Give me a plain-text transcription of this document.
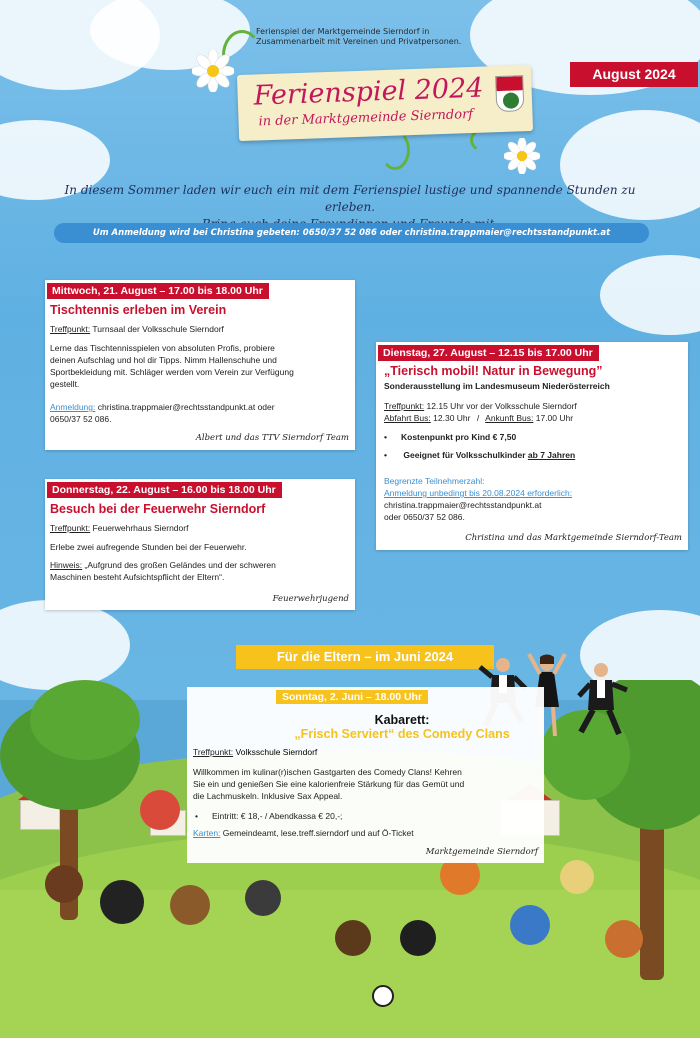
Ferienspiel der Marktgemeinde Sierndorf in
Zusammenarbeit mit Vereinen und Privatpersonen.
August 2024
Ferienspiel 2024
in der Marktgemeinde Sierndorf
In diesem Sommer laden wir euch ein mit dem Ferienspiel lustige und spannende Stunden zu erleben.
Um Anmeldung wird bei Christina gebeten: 0650/37 52 086 oder christina.trappmaier@rechtsstandpunkt.at
Mittwoch, 21. August – 17.00 bis 18.00 Uhr
Tischtennis erleben im Verein
Treffpunkt: Turnsaal der Volksschule Sierndorf
Lerne das Tischtennisspielen von absoluten Profis, probiere
deinen Aufschlag und hol dir Tipps. Nimm Hallenschuhe und
Sportbekleidung mit. Schläger werden vom Verein zur Verfügung
gestellt.
Anmeldung: christina.trappmaier@rechtsstandpunkt.at oder
0650/37 52 086.
Albert und das TTV Sierndorf Team
Donnerstag, 22. August – 16.00 bis 18.00 Uhr
Besuch bei der Feuerwehr Sierndorf
Treffpunkt: Feuerwehrhaus Sierndorf
Erlebe zwei aufregende Stunden bei der Feuerwehr.
Hinweis: „Aufgrund des großen Geländes und der schweren
Maschinen besteht Aufsichtspflicht der Eltern“.
Feuerwehrjugend
Dienstag, 27. August – 12.15 bis 17.00 Uhr
„Tierisch mobil! Natur in Bewegung”
Sonderausstellung im Landesmuseum Niederösterreich
Treffpunkt: 12.15 Uhr vor der Volksschule Sierndorf
Abfahrt Bus: 12.30 Uhr / Ankunft Bus: 17.00 Uhr
• Kostenpunkt pro Kind € 7,50
• Geeignet für Volksschulkinder ab 7 Jahren
Begrenzte Teilnehmerzahl:
Anmeldung unbedingt bis 20.08.2024 erforderlich:
christina.trappmaier@rechtsstandpunkt.at
oder 0650/37 52 086.
Christina und das Marktgemeinde Sierndorf-Team
Für die Eltern – im Juni 2024
Sonntag, 2. Juni – 18.00 Uhr
Kabarett:
„Frisch Serviert“ des Comedy Clans
Treffpunkt: Volksschule Sierndorf
Willkommen im kulinar(r)ischen Gastgarten des Comedy Clans! Kehren
Sie ein und genießen Sie eine kalorienfreie Stärkung für das Gemüt und
die Lachmuskeln. Inklusive Sax Appeal.
• Eintritt: € 18,- / Abendkassa € 20,-;
Karten: Gemeindeamt, lese.treff.sierndorf und auf Ö-Ticket
Marktgemeinde Sierndorf
